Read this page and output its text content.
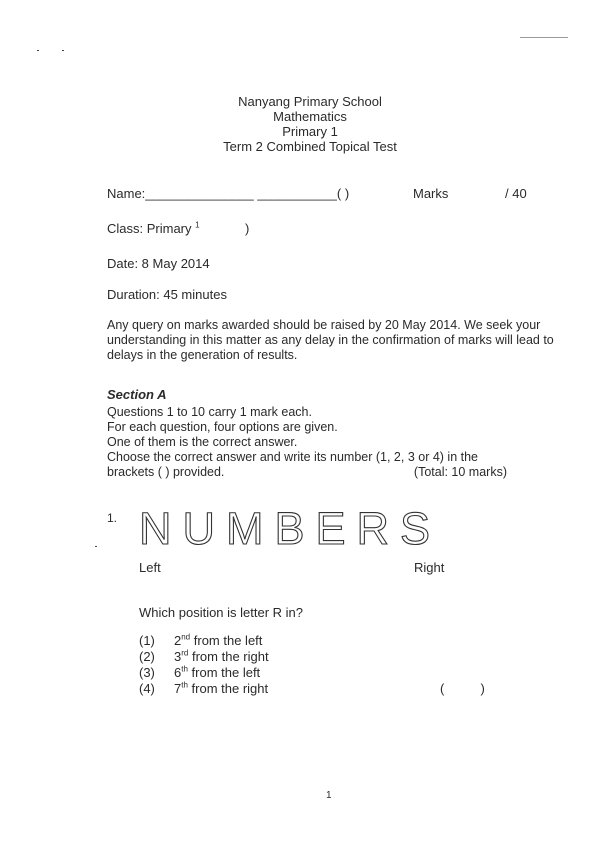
Nanyang Primary School
Mathematics
Primary 1
Term 2 Combined Topical Test
Name:_______________ ___________( )	Marks	/ 40
Class: Primary $^1$	)
Date: 8 May 2014
Duration: 45 minutes
Any query on marks awarded should be raised by 20 May 2014. We seek your understanding in this matter as any delay in the confirmation of marks will lead to delays in the generation of results.
Section A
Questions 1 to 10 carry 1 mark each.
For each question, four options are given.
One of them is the correct answer.
Choose the correct answer and write its number (1, 2, 3 or 4) in the
brackets ( ) provided.	(Total: 10 marks)
1. NUMBERS
Left	Right
Which position is letter R in?
(1) 2nd from the left
(2) 3rd from the right
(3) 6th from the left
(4) 7th from the right	(          )
1
